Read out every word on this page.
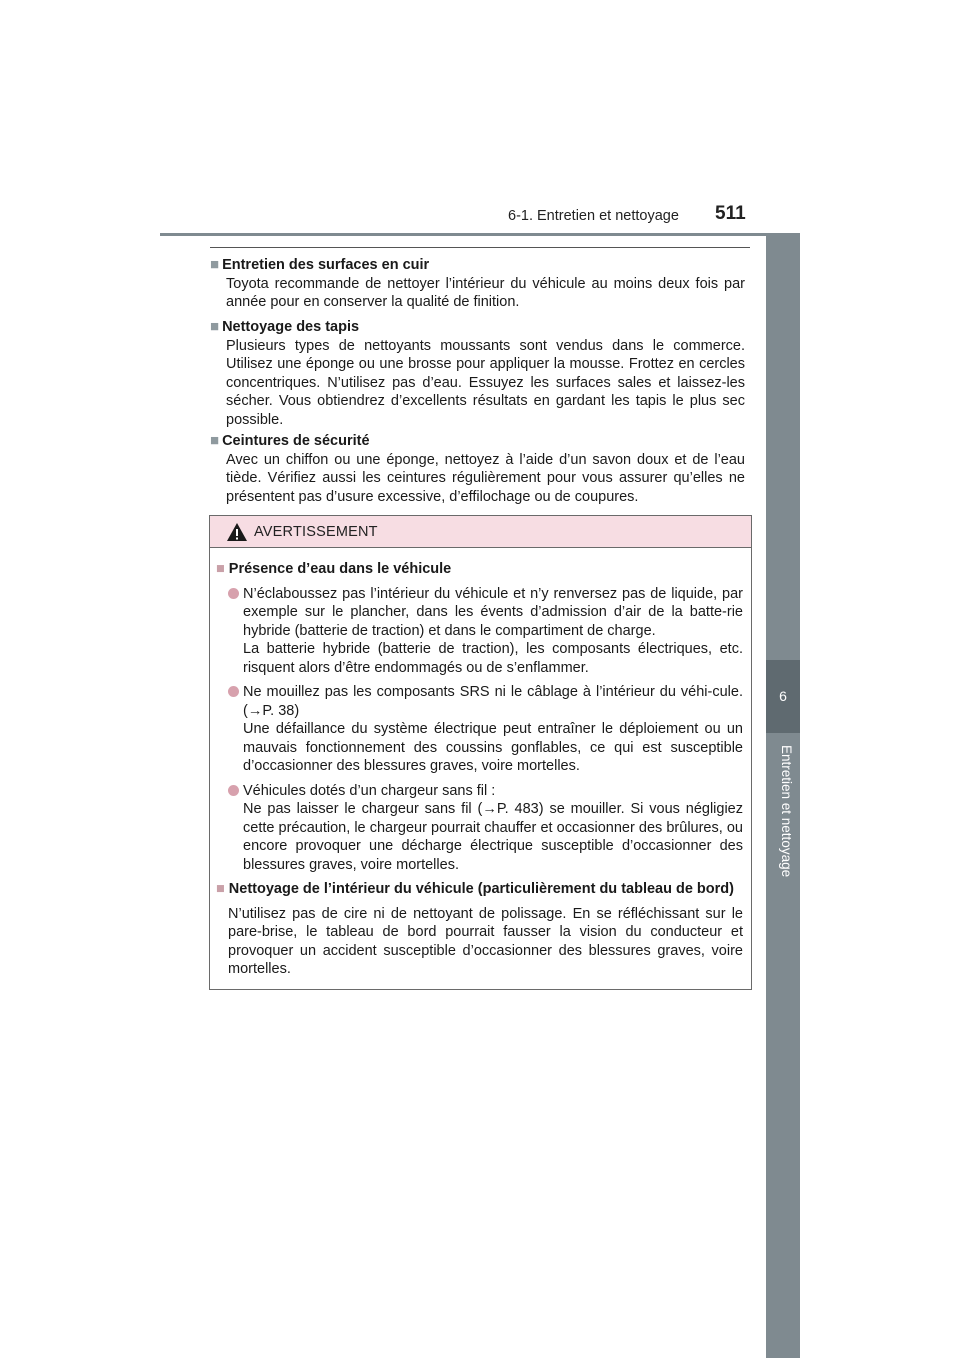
6-1. Entretien et nettoyage 511
6
Entretien et nettoyage
■ Entretien des surfaces en cuir
Toyota recommande de nettoyer l’intérieur du véhicule au moins deux fois par année pour en conserver la qualité de finition.
■ Nettoyage des tapis
Plusieurs types de nettoyants moussants sont vendus dans le commerce. Utilisez une éponge ou une brosse pour appliquer la mousse. Frottez en cercles concentriques. N’utilisez pas d’eau. Essuyez les surfaces sales et laissez-les sécher. Vous obtiendrez d’excellents résultats en gardant les tapis le plus sec possible.
■ Ceintures de sécurité
Avec un chiffon ou une éponge, nettoyez à l’aide d’un savon doux et de l’eau tiède. Vérifiez aussi les ceintures régulièrement pour vous assurer qu’elles ne présentent pas d’usure excessive, d’effilochage ou de coupures.
AVERTISSEMENT
■ Présence d’eau dans le véhicule
N’éclaboussez pas l’intérieur du véhicule et n’y renversez pas de liquide, par exemple sur le plancher, dans les évents d’admission d’air de la batte-rie hybride (batterie de traction) et dans le compartiment de charge.
La batterie hybride (batterie de traction), les composants électriques, etc. risquent alors d’être endommagés ou de s’enflammer.
Ne mouillez pas les composants SRS ni le câblage à l’intérieur du véhi-cule. (→P. 38)
Une défaillance du système électrique peut entraîner le déploiement ou un mauvais fonctionnement des coussins gonflables, ce qui est susceptible d’occasionner des blessures graves, voire mortelles.
Véhicules dotés d’un chargeur sans fil :
Ne pas laisser le chargeur sans fil (→P. 483) se mouiller. Si vous négligiez cette précaution, le chargeur pourrait chauffer et occasionner des brûlures, ou encore provoquer une décharge électrique susceptible d’occasionner des blessures graves, voire mortelles.
■ Nettoyage de l’intérieur du véhicule (particulièrement du tableau de bord)
N’utilisez pas de cire ni de nettoyant de polissage. En se réfléchissant sur le pare-brise, le tableau de bord pourrait fausser la vision du conducteur et provoquer un accident susceptible d’occasionner des blessures graves, voire mortelles.
